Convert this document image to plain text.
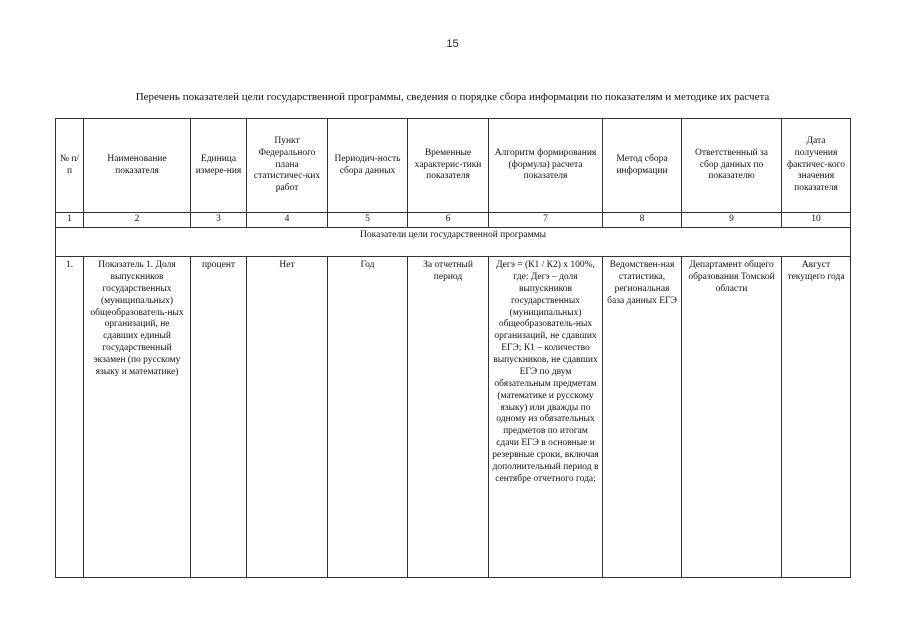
15
Перечень показателей цели государственной программы, сведения о порядке сбора информации по показателям и методике их расчета
№ п/п	Наименование показателя	Единица измере-ния	Пункт Федерального плана статистичес-ких работ	Периодич-ность сбора данных	Временные характерис-тики показателя	Алгоритм формирования (формула) расчета показателя	Метод сбора информации	Ответственный за сбор данных по показателю	Дата получения фактичес-кого значения показателя
1	2	3	4	5	6	7	8	9	10
Показатели цели государственной программы									
1.	Показатель 1. Доля выпускников государственных (муниципальных) общеобразователь-ных организаций, не сдавших единый государственный экзамен (по русскому языку и математике)	процент	Нет	Год	За отчетный период	Дегэ = (К1 / К2) х 100%, где: Дегэ – доля выпускников государственных (муниципальных) общеобразователь-ных организаций, не сдавших ЕГЭ; К1 – количество выпускников, не сдавших ЕГЭ по двум обязательным предметам (математике и русскому языку) или дважды по одному из обязательных предметов по итогам сдачи ЕГЭ в основные и резервные сроки, включая дополнительный период в сентябре отчетного года;	Ведомствен-ная статистика, региональная база данных ЕГЭ	Департамент общего образования Томской области	Август текущего года
